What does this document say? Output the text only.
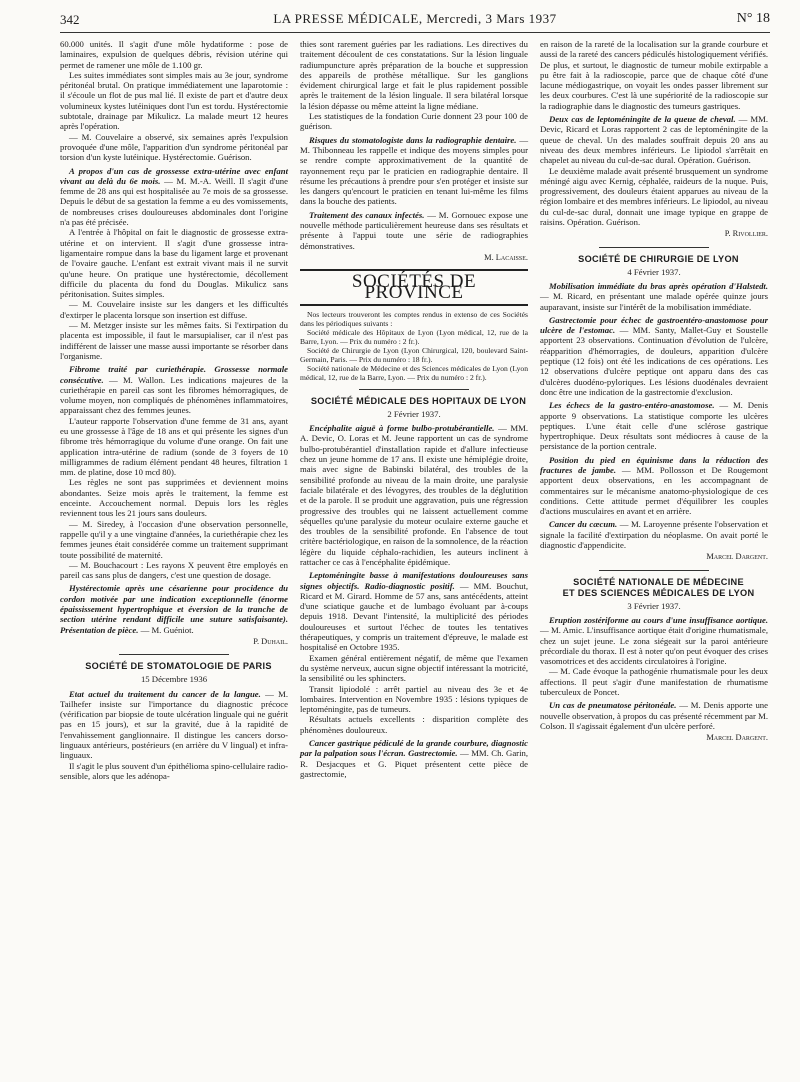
342	LA PRESSE MÉDICALE, Mercredi, 3 Mars 1937	N° 18

60.000 unités. Il s'agit d'une môle hydatiforme : pose de laminaires, expulsion de quelques débris, révision utérine qui permet de ramener une môle de 1.100 gr.

Les suites immédiates sont simples mais au 3e jour, syndrome péritonéal brutal. On pratique immédiatement une laparotomie : il s'écoule un flot de pus mal lié. Il existe de part et d'autre deux volumineux kystes lutéiniques dont l'un est tordu. Hystérectomie subtotale, drainage par Mikulicz. La malade meurt 12 heures après l'opération.

— M. Couvelaire a observé, six semaines après l'expulsion provoquée d'une môle, l'apparition d'un syndrome péritonéal par torsion d'un kyste lutéinique. Hystérectomie. Guérison.

A propos d'un cas de grossesse extra-utérine avec enfant vivant au delà du 6e mois. — M. M.-A. Weill. Il s'agit d'une femme de 28 ans qui est hospitalisée au 7e mois de sa grossesse. Depuis le début de sa gestation la femme a eu des vomissements, de nombreuses crises douloureuses abdominales dont l'origine n'a pas été précisée.

A l'entrée à l'hôpital on fait le diagnostic de grossesse extra-utérine et on intervient. Il s'agit d'une grossesse intra-ligamentaire rompue dans la base du ligament large et provenant de l'ovaire gauche. L'enfant est extrait vivant mais il ne survit qu'une heure. On pratique une hystérectomie, décollement difficile du placenta du fond du Douglas. Mikulicz sans péritonisation. Suites simples.

— M. Couvelaire insiste sur les dangers et les difficultés d'extirper le placenta lorsque son insertion est diffuse.

— M. Metzger insiste sur les mêmes faits. Si l'extirpation du placenta est impossible, il faut le marsupialiser, car il n'est pas indifférent de laisser une masse aussi importante se résorber dans l'organisme.

Fibrome traité par curiethérapie. Grossesse normale consécutive. — M. Wallon. Les indications majeures de la curiethérapie en pareil cas sont les fibromes hémorragiques, de volume moyen, non compliqués de phénomènes inflammatoires, apparaissant chez des femmes jeunes.

L'auteur rapporte l'observation d'une femme de 31 ans, ayant eu une grossesse à l'âge de 18 ans et qui présente les signes d'un fibrome très hémorragique du volume d'une orange. On fait une application intra-utérine de radium (sonde de 3 foyers de 10 milligrammes de radium élément pendant 48 heures, filtration 1 mm. de platine, dose 10 mcd 80).

Les règles ne sont pas supprimées et deviennent moins abondantes. Seize mois après le traitement, la femme est enceinte. Accouchement normal. Depuis lors les règles reviennent tous les 21 jours sans douleurs.

— M. Siredey, à l'occasion d'une observation personnelle, rappelle qu'il y a une vingtaine d'années, la curiethérapie chez les femmes jeunes était considérée comme un traitement supprimant toute possibilité de maternité.

— M. Bouchacourt : Les rayons X peuvent être employés en pareil cas sans plus de dangers, c'est une question de dosage.

Hystérectomie après une césarienne pour procidence du cordon motivée par une indication exceptionnelle (énorme épaississement hypertrophique et éversion de la tranche de section utérine rendant difficile une suture satisfaisante). Présentation de pièce. — M. Guéniot.

P. Duhail.

SOCIÉTÉ DE STOMATOLOGIE DE PARIS

15 Décembre 1936

Etat actuel du traitement du cancer de la langue. — M. Tailhefer insiste sur l'importance du diagnostic précoce (vérification par biopsie de toute ulcération linguale qui ne guérit pas en 15 jours), et sur la gravité, due à la rapidité de l'envahissement ganglionnaire. Il distingue les cancers dorso-linguaux antérieurs, postérieurs (en arrière du V lingual) et infra-linguaux.

Il s'agit le plus souvent d'un épithélioma spino-cellulaire radio-sensible, alors que les adénopa-

thies sont rarement guéries par les radiations. Les directives du traitement découlent de ces constatations. Sur la lésion linguale radiumpuncture après préparation de la bouche et suppression des appareils de prothèse métallique. Sur les ganglions évidement chirurgical large et fait le plus rapidement possible après le traitement de la lésion linguale. Il sera bilatéral lorsque la lésion dépasse ou même atteint la ligne médiane.

Les statistiques de la fondation Curie donnent 23 pour 100 de guérison.

Risques du stomatologiste dans la radiographie dentaire. — M. Thibonneau les rappelle et indique des moyens simples pour se rendre compte approximativement de la quantité de rayonnement reçu par le praticien en radiographie dentaire. Il résume les précautions à prendre pour s'en protéger et insiste sur les dangers qu'encourt le praticien en tenant lui-même les films dans la bouche des patients.

Traitement des canaux infectés. — M. Gornouec expose une nouvelle méthode particulièrement heureuse dans ses résultats et présente à l'appui toute une série de radiographies démonstratives.

M. Lacaisse.

SOCIÉTÉS DE PROVINCE

Nos lecteurs trouveront les comptes rendus in extenso de ces Sociétés dans les périodiques suivants :

Société médicale des Hôpitaux de Lyon (Lyon médical, 12, rue de la Barre, Lyon. — Prix du numéro : 2 fr.).

Société de Chirurgie de Lyon (Lyon Chirurgical, 120, boulevard Saint-Germain, Paris. — Prix du numéro : 18 fr.).

Société nationale de Médecine et des Sciences médicales de Lyon (Lyon médical, 12, rue de la Barre, Lyon. — Prix du numéro : 2 fr.).

SOCIÉTÉ MÉDICALE DES HOPITAUX DE LYON

2 Février 1937.

Encéphalite aiguë à forme bulbo-protubérantielle. — MM. A. Devic, O. Loras et M. Jeune rapportent un cas de syndrome bulbo-protubérantiel d'installation rapide et d'allure infectieuse chez un jeune homme de 17 ans. Il existe une hémiplégie droite, mais avec signe de Babinski bilatéral, des troubles de la sensibilité profonde au niveau de la main droite, une paralysie faciale bilatérale et des lévogyres, des troubles de la déglutition et de la parole. Il se produit une aggravation, puis une régression progressive des troubles qui ne laissent actuellement comme séquelles qu'une paralysie du moteur oculaire externe gauche et des troubles de la sensibilité profonde. En l'absence de tout critère bactériologique, en raison de la somnolence, de la réaction légère du liquide céphalo-rachidien, les auteurs inclinent à rattacher ce cas à l'encéphalite épidémique.

Leptoméningite basse à manifestations douloureuses sans signes objectifs. Radio-diagnostic positif. — MM. Bouchut, Ricard et M. Girard. Homme de 57 ans, sans antécédents, atteint d'une sciatique gauche et de lumbago évoluant par à-coups depuis 1918. Devant l'intensité, la multiplicité des périodes douloureuses et surtout l'échec de toutes les tentatives thérapeutiques, y compris un traitement d'épreuve, le malade est hospitalisé en Octobre 1935.

Examen général entièrement négatif, de même que l'examen du système nerveux, aucun signe objectif intéressant la motricité, la sensibilité ou les sphincters.

Transit lipiodolé : arrêt partiel au niveau des 3e et 4e lombaires. Intervention en Novembre 1935 : lésions typiques de leptoméningite, pas de tumeurs.

Résultats actuels excellents : disparition complète des phénomènes douloureux.

Cancer gastrique pédiculé de la grande courbure, diagnostic par la palpation sous l'écran. Gastrectomie. — MM. Ch. Garin, R. Desjacques et G. Piquet présentent cette pièce de gastrectomie,

en raison de la rareté de la localisation sur la grande courbure et aussi de la rareté des cancers pédiculés histologiquement vérifiés. De plus, et surtout, le diagnostic de tumeur mobile extirpable a pu être fait à la radioscopie, parce que de chaque côté d'une lacune médiogastrique, on voyait les ondes passer librement sur les deux courbures. C'est là une supériorité de la radioscopie sur la radiographie dans le diagnostic des tumeurs gastriques.

Deux cas de leptoméningite de la queue de cheval. — MM. Devic, Ricard et Loras rapportent 2 cas de leptoméningite de la queue de cheval. Un des malades souffrait depuis 20 ans au niveau des deux membres inférieurs. Le lipiodol s'arrêtait en chapelet au niveau du cul-de-sac dural. Opération. Guérison.

Le deuxième malade avait présenté brusquement un syndrome méningé aigu avec Kernig, céphalée, raideurs de la nuque. Puis, progressivement, des douleurs étaient apparues au niveau de la région lombaire et des membres inférieurs. Le lipiodol, au niveau du cul-de-sac dural, donnait une image typique en grappe de raisins. Opération. Guérison.

P. Rivollier.

SOCIÉTÉ DE CHIRURGIE DE LYON

4 Février 1937.

Mobilisation immédiate du bras après opération d'Halstedt. — M. Ricard, en présentant une malade opérée quinze jours auparavant, insiste sur l'intérêt de la mobilisation immédiate.

Gastrectomie pour échec de gastroentéro-anastomose pour ulcère de l'estomac. — MM. Santy, Mallet-Guy et Soustelle apportent 23 observations. Continuation d'évolution de l'ulcère, réapparition d'hémorragies, de douleurs, apparition d'ulcère peptique (12 fois) ont été les indications de ces opérations. Les 12 observations d'ulcère peptique ont apparu dans des cas d'ulcères duodéno-pyloriques. Les lésions duodénales devraient donc être une indication de la gastrectomie d'exclusion.

Les échecs de la gastro-entéro-anastomose. — M. Denis apporte 9 observations. La statistique comporte les ulcères peptiques. L'une était celle d'une sclérose gastrique hypertrophique. Deux résultats sont médiocres à cause de la persistance de la portion centrale.

Position du pied en équinisme dans la réduction des fractures de jambe. — MM. Pollosson et De Rougemont apportent deux observations, en les accompagnant de commentaires sur le mécanisme anatomo-physiologique de ces conditions. Cette attitude permet d'équilibrer les couples d'actions musculaires en avant et en arrière.

Cancer du cæcum. — M. Laroyenne présente l'observation et signale la facilité d'extirpation du néoplasme. On avait porté le diagnostic d'appendicite.

Marcel Dargent.

SOCIÉTÉ NATIONALE DE MÉDECINE

ET DES SCIENCES MÉDICALES DE LYON

3 Février 1937.

Eruption zostériforme au cours d'une insuffisance aortique. — M. Amic. L'insuffisance aortique était d'origine rhumatismale, chez un sujet jeune. Le zona siégeait sur la paroi antérieure précordiale du thorax. Il est à noter qu'on peut évoquer des crises vasomotrices et des accidents circulatoires à l'origine.

— M. Cade évoque la pathogénie rhumatismale pour les deux affections. Il peut s'agir d'une manifestation de rhumatisme tuberculeux de Poncet.

Un cas de pneumatose péritonéale. — M. Denis apporte une nouvelle observation, à propos du cas présenté récemment par M. Colson. Il s'agissait également d'un ulcère perforé.

Marcel Dargent.
